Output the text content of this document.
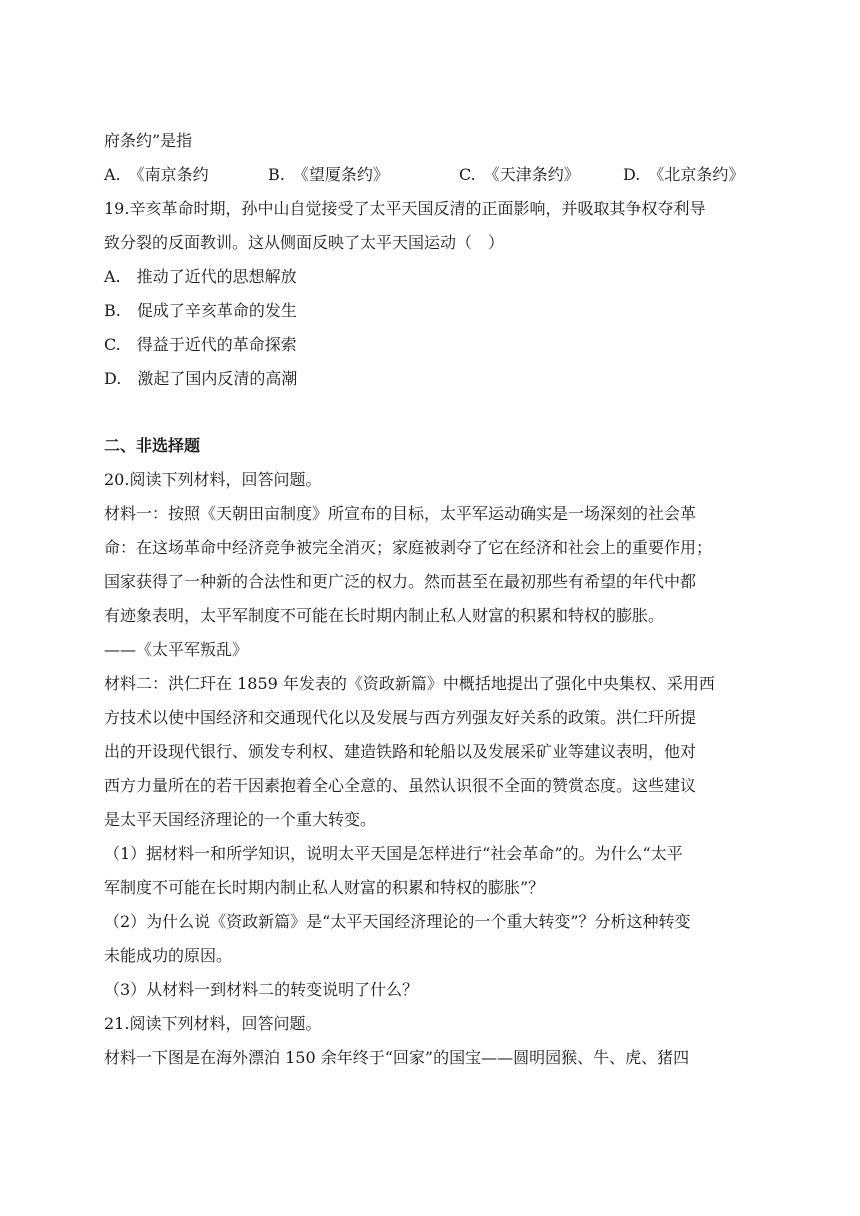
府条约”是指
A.　《南京条约	B.　《望厦条约》	C.　《天津条约》	D.　《北京条约》
19.辛亥革命时期，孙中山自觉接受了太平天国反清的正面影响，并吸取其争权夺利导
致分裂的反面教训。这从侧面反映了太平天国运动（　）
A.　推动了近代的思想解放
B.　促成了辛亥革命的发生
C.　得益于近代的革命探索
D.　激起了国内反清的高潮
二、非选择题
20.阅读下列材料，回答问题。
材料一：按照《天朝田亩制度》所宣布的目标，太平军运动确实是一场深刻的社会革
命：在这场革命中经济竞争被完全消灭；家庭被剥夺了它在经济和社会上的重要作用；
国家获得了一种新的合法性和更广泛的权力。然而甚至在最初那些有希望的年代中都
有迹象表明，太平军制度不可能在长时期内制止私人财富的积累和特权的膨胀。
——《太平军叛乱》
材料二：洪仁玕在 1859 年发表的《资政新篇》中概括地提出了强化中央集权、采用西
方技术以使中国经济和交通现代化以及发展与西方列强友好关系的政策。洪仁玕所提
出的开设现代银行、颁发专利权、建造铁路和轮船以及发展采矿业等建议表明，他对
西方力量所在的若干因素抱着全心全意的、虽然认识很不全面的赞赏态度。这些建议
是太平天国经济理论的一个重大转变。
（1）据材料一和所学知识，说明太平天国是怎样进行“社会革命”的。为什么“太平
军制度不可能在长时期内制止私人财富的积累和特权的膨胀”？
（2）为什么说《资政新篇》是“太平天国经济理论的一个重大转变”？分析这种转变
未能成功的原因。
（3）从材料一到材料二的转变说明了什么？
21.阅读下列材料，回答问题。
材料一下图是在海外漂泊 150 余年终于“回家”的国宝——圆明园猴、牛、虎、猪四
